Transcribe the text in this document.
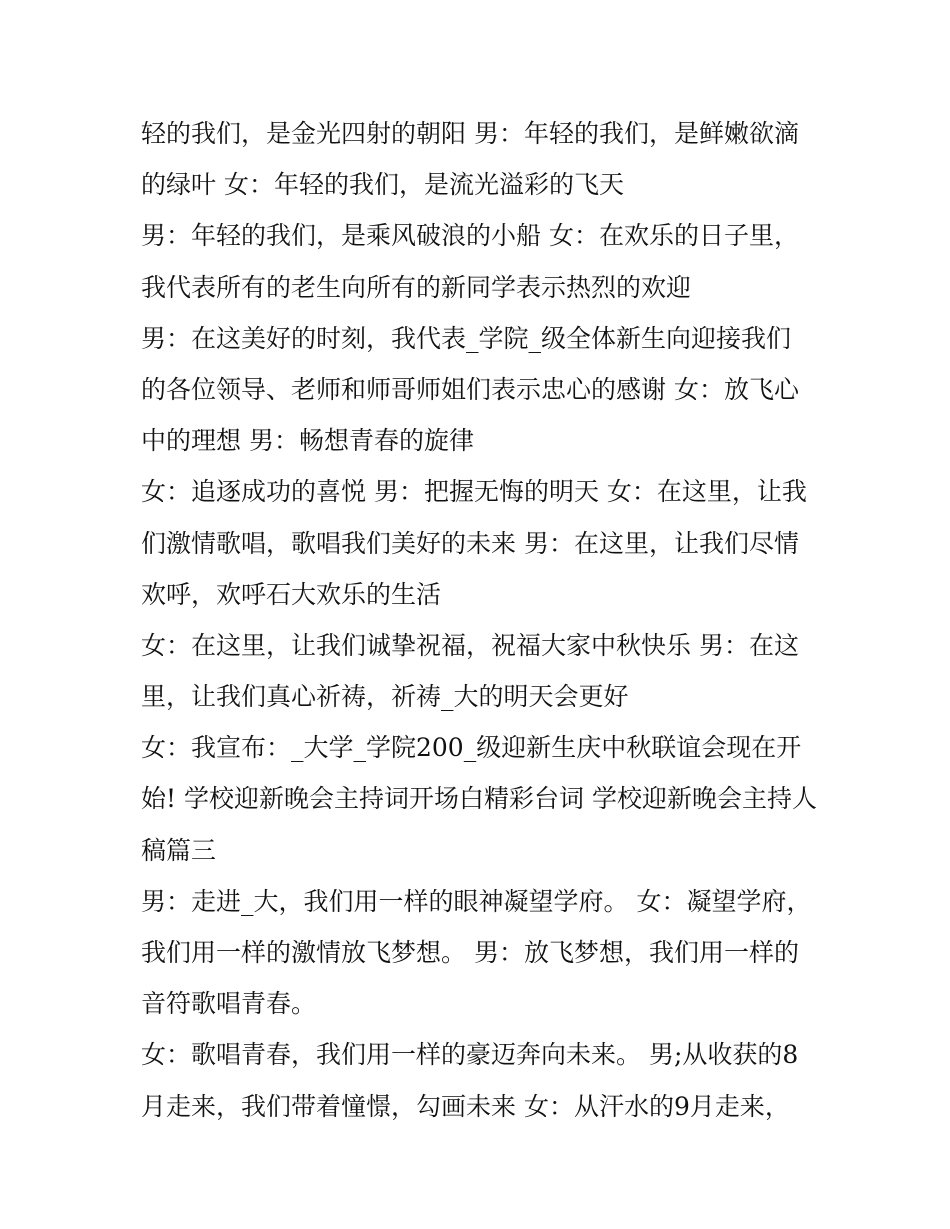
轻的我们，是金光四射的朝阳 男：年轻的我们，是鲜嫩欲滴
的绿叶 女：年轻的我们，是流光溢彩的飞天
男：年轻的我们，是乘风破浪的小船 女：在欢乐的日子里，
我代表所有的老生向所有的新同学表示热烈的欢迎
男：在这美好的时刻，我代表_学院_级全体新生向迎接我们
的各位领导、老师和师哥师姐们表示忠心的感谢 女：放飞心
中的理想 男：畅想青春的旋律
女：追逐成功的喜悦 男：把握无悔的明天 女：在这里，让我
们激情歌唱，歌唱我们美好的未来 男：在这里，让我们尽情
欢呼，欢呼石大欢乐的生活
女：在这里，让我们诚挚祝福，祝福大家中秋快乐 男：在这
里，让我们真心祈祷，祈祷_大的明天会更好
女：我宣布：_大学_学院200_级迎新生庆中秋联谊会现在开
始! 学校迎新晚会主持词开场白精彩台词 学校迎新晚会主持人
稿篇三
男：走进_大，我们用一样的眼神凝望学府。 女：凝望学府，
我们用一样的激情放飞梦想。 男：放飞梦想，我们用一样的
音符歌唱青春。
女：歌唱青春，我们用一样的豪迈奔向未来。 男;从收获的8
月走来，我们带着憧憬，勾画未来 女：从汗水的9月走来，
